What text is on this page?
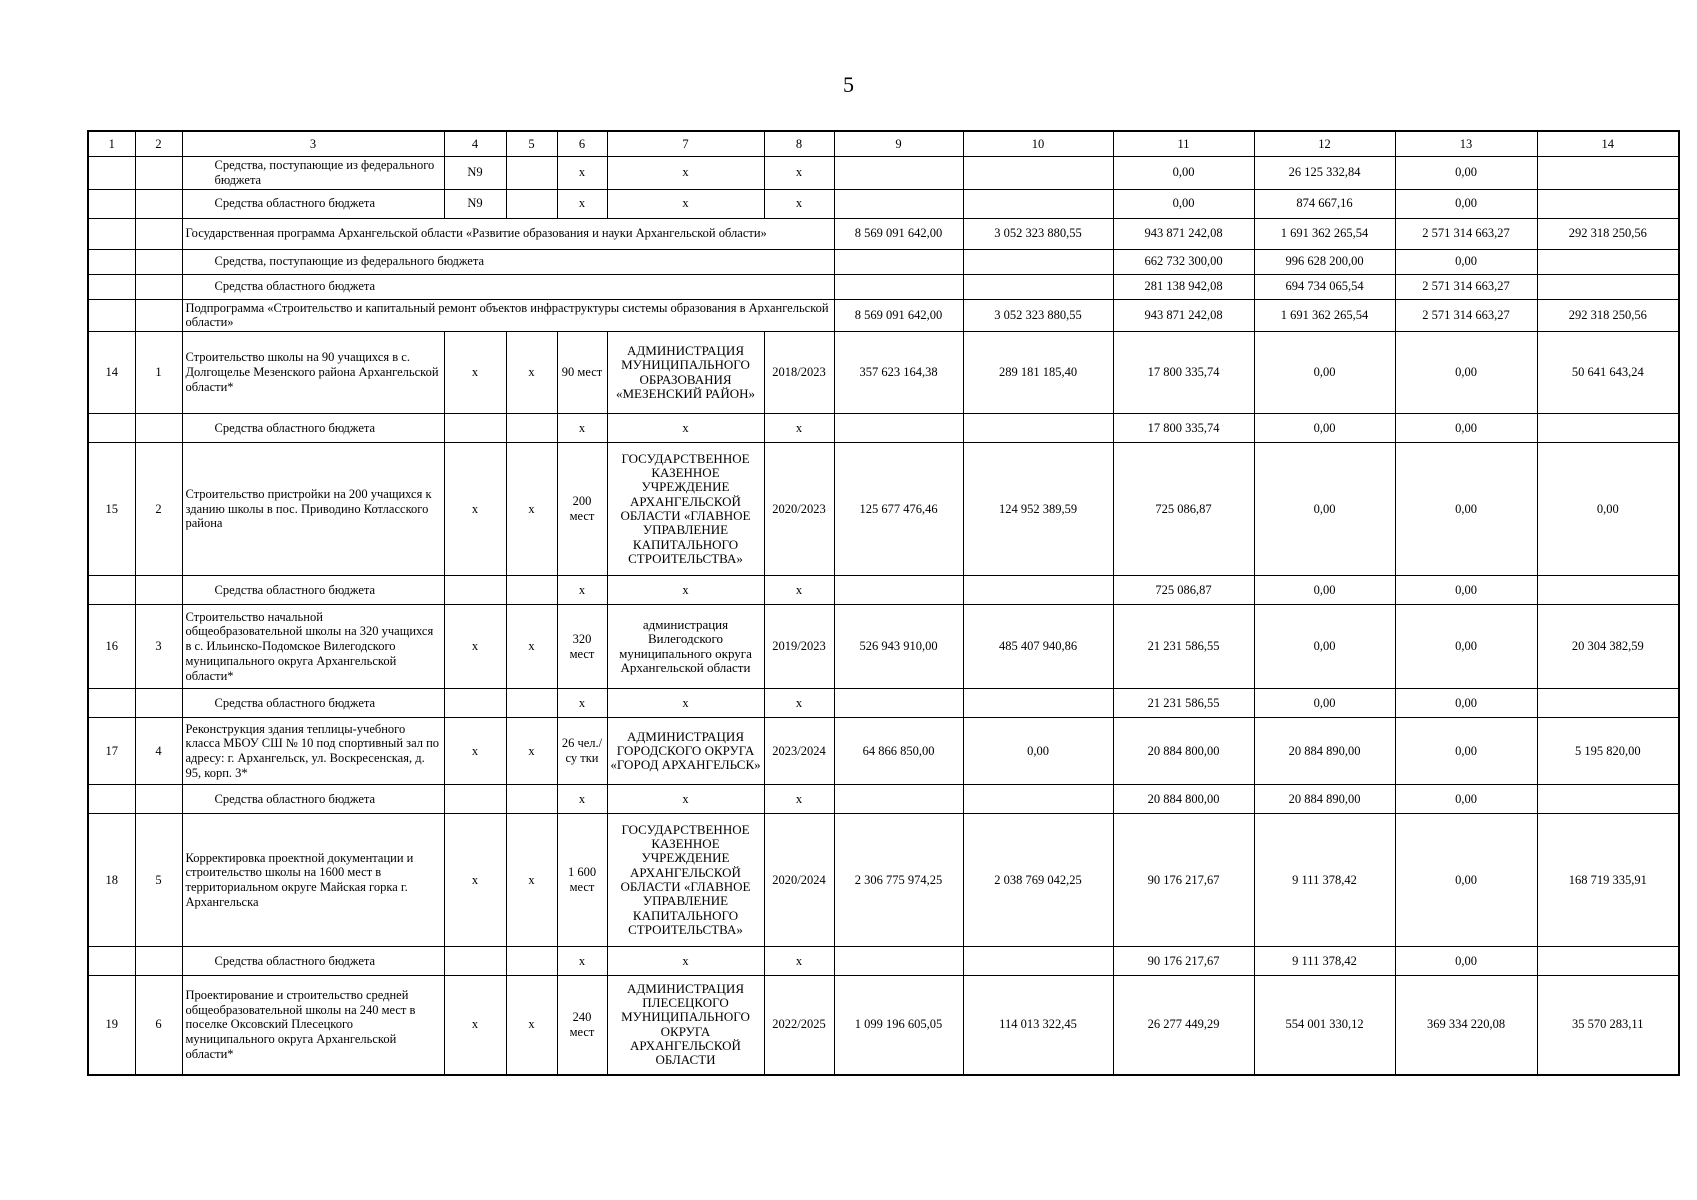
5
1	2	3	4	5	6	7	8	9	10	11	12	13	14
		Средства, поступающие из федерального бюджета	N9		x	x	x			0,00	26 125 332,84	0,00	
		Средства областного бюджета	N9		x	x	x			0,00	874 667,16	0,00	
		Государственная программа Архангельской области «Развитие образования и науки Архангельской области»						8 569 091 642,00	3 052 323 880,55	943 871 242,08	1 691 362 265,54	2 571 314 663,27	292 318 250,56
		Средства, поступающие из федерального бюджета								662 732 300,00	996 628 200,00	0,00	
		Средства областного бюджета								281 138 942,08	694 734 065,54	2 571 314 663,27	
		Подпрограмма «Строительство и капитальный ремонт объектов инфраструктуры системы образования в Архангельской области»						8 569 091 642,00	3 052 323 880,55	943 871 242,08	1 691 362 265,54	2 571 314 663,27	292 318 250,56
14	1	Строительство школы на 90 учащихся в с. Долгощелье Мезенского района Архангельской области*	x	x	90 мест	АДМИНИСТРАЦИЯ МУНИЦИПАЛЬНОГО ОБРАЗОВАНИЯ «МЕЗЕНСКИЙ РАЙОН»	2018/2023	357 623 164,38	289 181 185,40	17 800 335,74	0,00	0,00	50 641 643,24
		Средства областного бюджета			x	x	x			17 800 335,74	0,00	0,00	
15	2	Строительство пристройки на 200 учащихся к зданию школы в пос. Приводино Котласского района	x	x	200 мест	ГОСУДАРСТВЕННОЕ КАЗЕННОЕ УЧРЕЖДЕНИЕ АРХАНГЕЛЬСКОЙ ОБЛАСТИ «ГЛАВНОЕ УПРАВЛЕНИЕ КАПИТАЛЬНОГО СТРОИТЕЛЬСТВА»	2020/2023	125 677 476,46	124 952 389,59	725 086,87	0,00	0,00	0,00
		Средства областного бюджета			x	x	x			725 086,87	0,00	0,00	
16	3	Строительство начальной общеобразовательной школы на 320 учащихся в с. Ильинско-Подомское Вилегодского муниципального округа Архангельской области*	x	x	320 мест	администрация Вилегодского муниципального округа Архангельской области	2019/2023	526 943 910,00	485 407 940,86	21 231 586,55	0,00	0,00	20 304 382,59
		Средства областного бюджета			x	x	x			21 231 586,55	0,00	0,00	
17	4	Реконструкция здания теплицы-учебного класса МБОУ СШ № 10 под спортивный зал по адресу: г. Архангельск, ул. Воскресенская, д. 95, корп. 3*	x	x	26 чел./су тки	АДМИНИСТРАЦИЯ ГОРОДСКОГО ОКРУГА «ГОРОД АРХАНГЕЛЬСК»	2023/2024	64 866 850,00	0,00	20 884 800,00	20 884 890,00	0,00	5 195 820,00
		Средства областного бюджета			x	x	x			20 884 800,00	20 884 890,00	0,00	
18	5	Корректировка проектной документации и строительство школы на 1600 мест в территориальном округе Майская горка г. Архангельска	x	x	1 600 мест	ГОСУДАРСТВЕННОЕ КАЗЕННОЕ УЧРЕЖДЕНИЕ АРХАНГЕЛЬСКОЙ ОБЛАСТИ «ГЛАВНОЕ УПРАВЛЕНИЕ КАПИТАЛЬНОГО СТРОИТЕЛЬСТВА»	2020/2024	2 306 775 974,25	2 038 769 042,25	90 176 217,67	9 111 378,42	0,00	168 719 335,91
		Средства областного бюджета			x	x	x			90 176 217,67	9 111 378,42	0,00	
19	6	Проектирование и строительство средней общеобразовательной школы на 240 мест в поселке Оксовский Плесецкого муниципального округа Архангельской области*	x	x	240 мест	АДМИНИСТРАЦИЯ ПЛЕСЕЦКОГО МУНИЦИПАЛЬНОГО ОКРУГА АРХАНГЕЛЬСКОЙ ОБЛАСТИ	2022/2025	1 099 196 605,05	114 013 322,45	26 277 449,29	554 001 330,12	369 334 220,08	35 570 283,11
